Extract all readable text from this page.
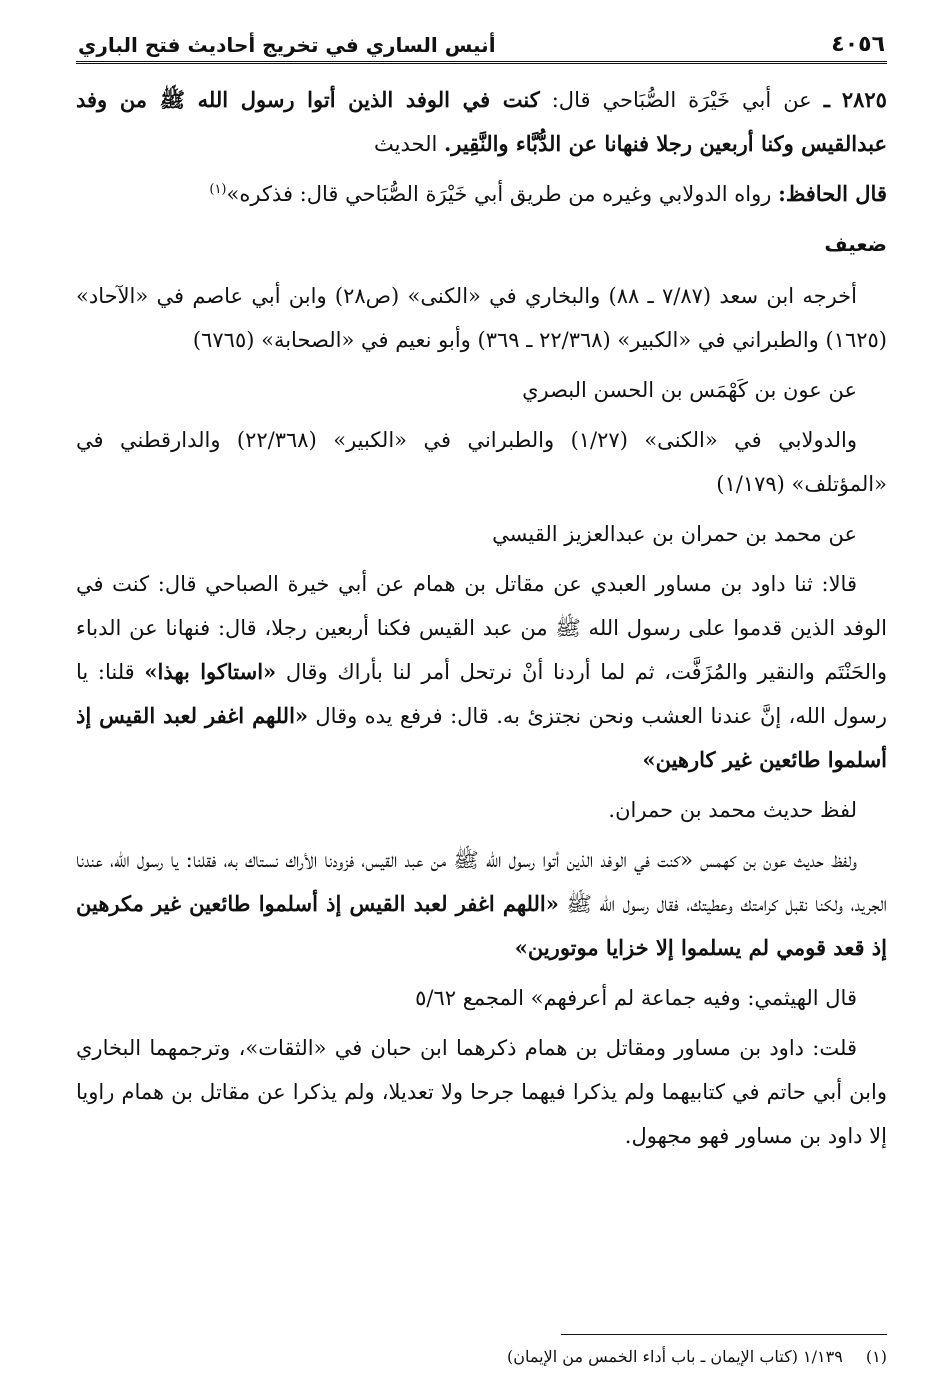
٤٠٥٦
أنيس الساري في تخريج أحاديث فتح الباري

٢٨٢٥ ـ عن أبي خَيْرَة الصُّبَاحي قال: كنت في الوفد الذين أتوا رسول الله ﷺ من وفد عبدالقيس وكنا أربعين رجلا فنهانا عن الدُّبَّاء والنَّقِير. الحديث

قال الحافظ: رواه الدولابي وغيره من طريق أبي خَيْرَة الصُّبَاحي قال: فذكره»$^{(١)}$

ضعيف

أخرجه ابن سعد (٧/٨٧ ـ ٨٨) والبخاري في «الكنى» (ص٢٨) وابن أبي عاصم في «الآحاد» (١٦٢٥) والطبراني في «الكبير» (٢٢/٣٦٨ ـ ٣٦٩) وأبو نعيم في «الصحابة» (٦٧٦٥)

عن عون بن كَهْمَس بن الحسن البصري

والدولابي في «الكنى» (١/٢٧) والطبراني في «الكبير» (٢٢/٣٦٨) والدارقطني في «المؤتلف» (١/١٧٩)

عن محمد بن حمران بن عبدالعزيز القيسي

قالا: ثنا داود بن مساور العبدي عن مقاتل بن همام عن أبي خيرة الصباحي قال: كنت في الوفد الذين قدموا على رسول الله ﷺ من عبد القيس فكنا أربعين رجلا، قال: فنهانا عن الدباء والحَنْتَم والنقير والمُزَفَّت، ثم لما أردنا أنْ نرتحل أمر لنا بأراك وقال «استاكوا بهذا» قلنا: يا رسول الله، إنَّ عندنا العشب ونحن نجتزئ به. قال: فرفع يده وقال «اللهم اغفر لعبد القيس إذ أسلموا طائعين غير كارهين»

لفظ حديث محمد بن حمران.

ولفظ حديث عون بن كهمس «كنت في الوفد الذين أتوا رسول الله ﷺ من عبد القيس، فزودنا الأراك نستاك به، فقلنا: يا رسول الله، عندنا الجريد، ولكنا نقبل كرامتك وعطيتك، فقال رسول الله ﷺ «اللهم اغفر لعبد القيس إذ أسلموا طائعين غير مكرهين إذ قعد قومي لم يسلموا إلا خزايا موتورين»

قال الهيثمي: وفيه جماعة لم أعرفهم» المجمع ٥/٦٢

قلت: داود بن مساور ومقاتل بن همام ذكرهما ابن حبان في «الثقات»، وترجمهما البخاري وابن أبي حاتم في كتابيهما ولم يذكرا فيهما جرحا ولا تعديلا، ولم يذكرا عن مقاتل بن همام راويا إلا داود بن مساور فهو مجهول.

(١) ١/١٣٩ (كتاب الإيمان ـ باب أداء الخمس من الإيمان)
